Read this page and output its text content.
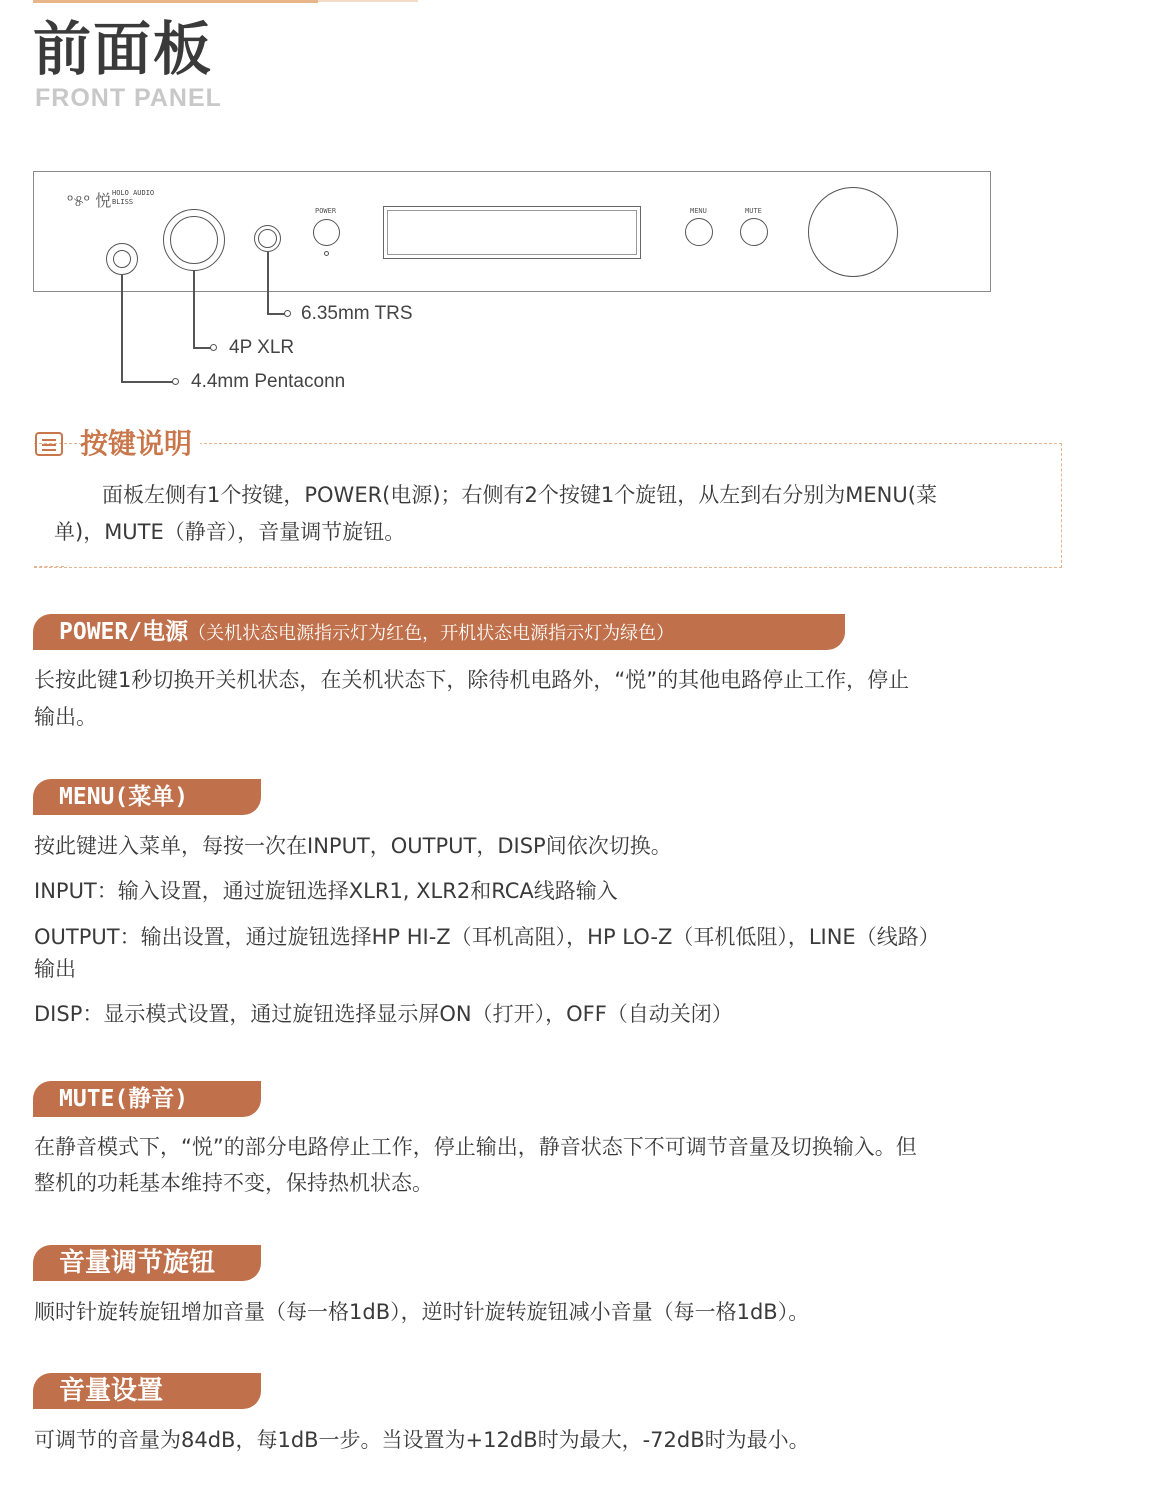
前面板
FRONT PANEL
ᵒ୫ᵒ 悦 HOLO AUDIO
BLISS
POWER	MENU	MUTE
6.35mm TRS
4P XLR
4.4mm Pentaconn
按键说明
面板左侧有1个按键，POWER(电源)；右侧有2个按键1个旋钮，从左到右分别为MENU(菜
单)，MUTE（静音），音量调节旋钮。
POWER/电源（关机状态电源指示灯为红色，开机状态电源指示灯为绿色）
长按此键1秒切换开关机状态，在关机状态下，除待机电路外，“悦”的其他电路停止工作，停止
输出。
MENU(菜单)
按此键进入菜单，每按一次在INPUT，OUTPUT，DISP间依次切换。
INPUT：输入设置，通过旋钮选择XLR1, XLR2和RCA线路输入
OUTPUT：输出设置，通过旋钮选择HP HI-Z（耳机高阻），HP LO-Z（耳机低阻），LINE（线路）
输出
DISP：显示模式设置，通过旋钮选择显示屏ON（打开），OFF（自动关闭）
MUTE(静音)
在静音模式下，“悦”的部分电路停止工作，停止输出，静音状态下不可调节音量及切换输入。但
整机的功耗基本维持不变，保持热机状态。
音量调节旋钮
顺时针旋转旋钮增加音量（每一格1dB），逆时针旋转旋钮减小音量（每一格1dB）。
音量设置
可调节的音量为84dB，每1dB一步。当设置为+12dB时为最大，-72dB时为最小。
